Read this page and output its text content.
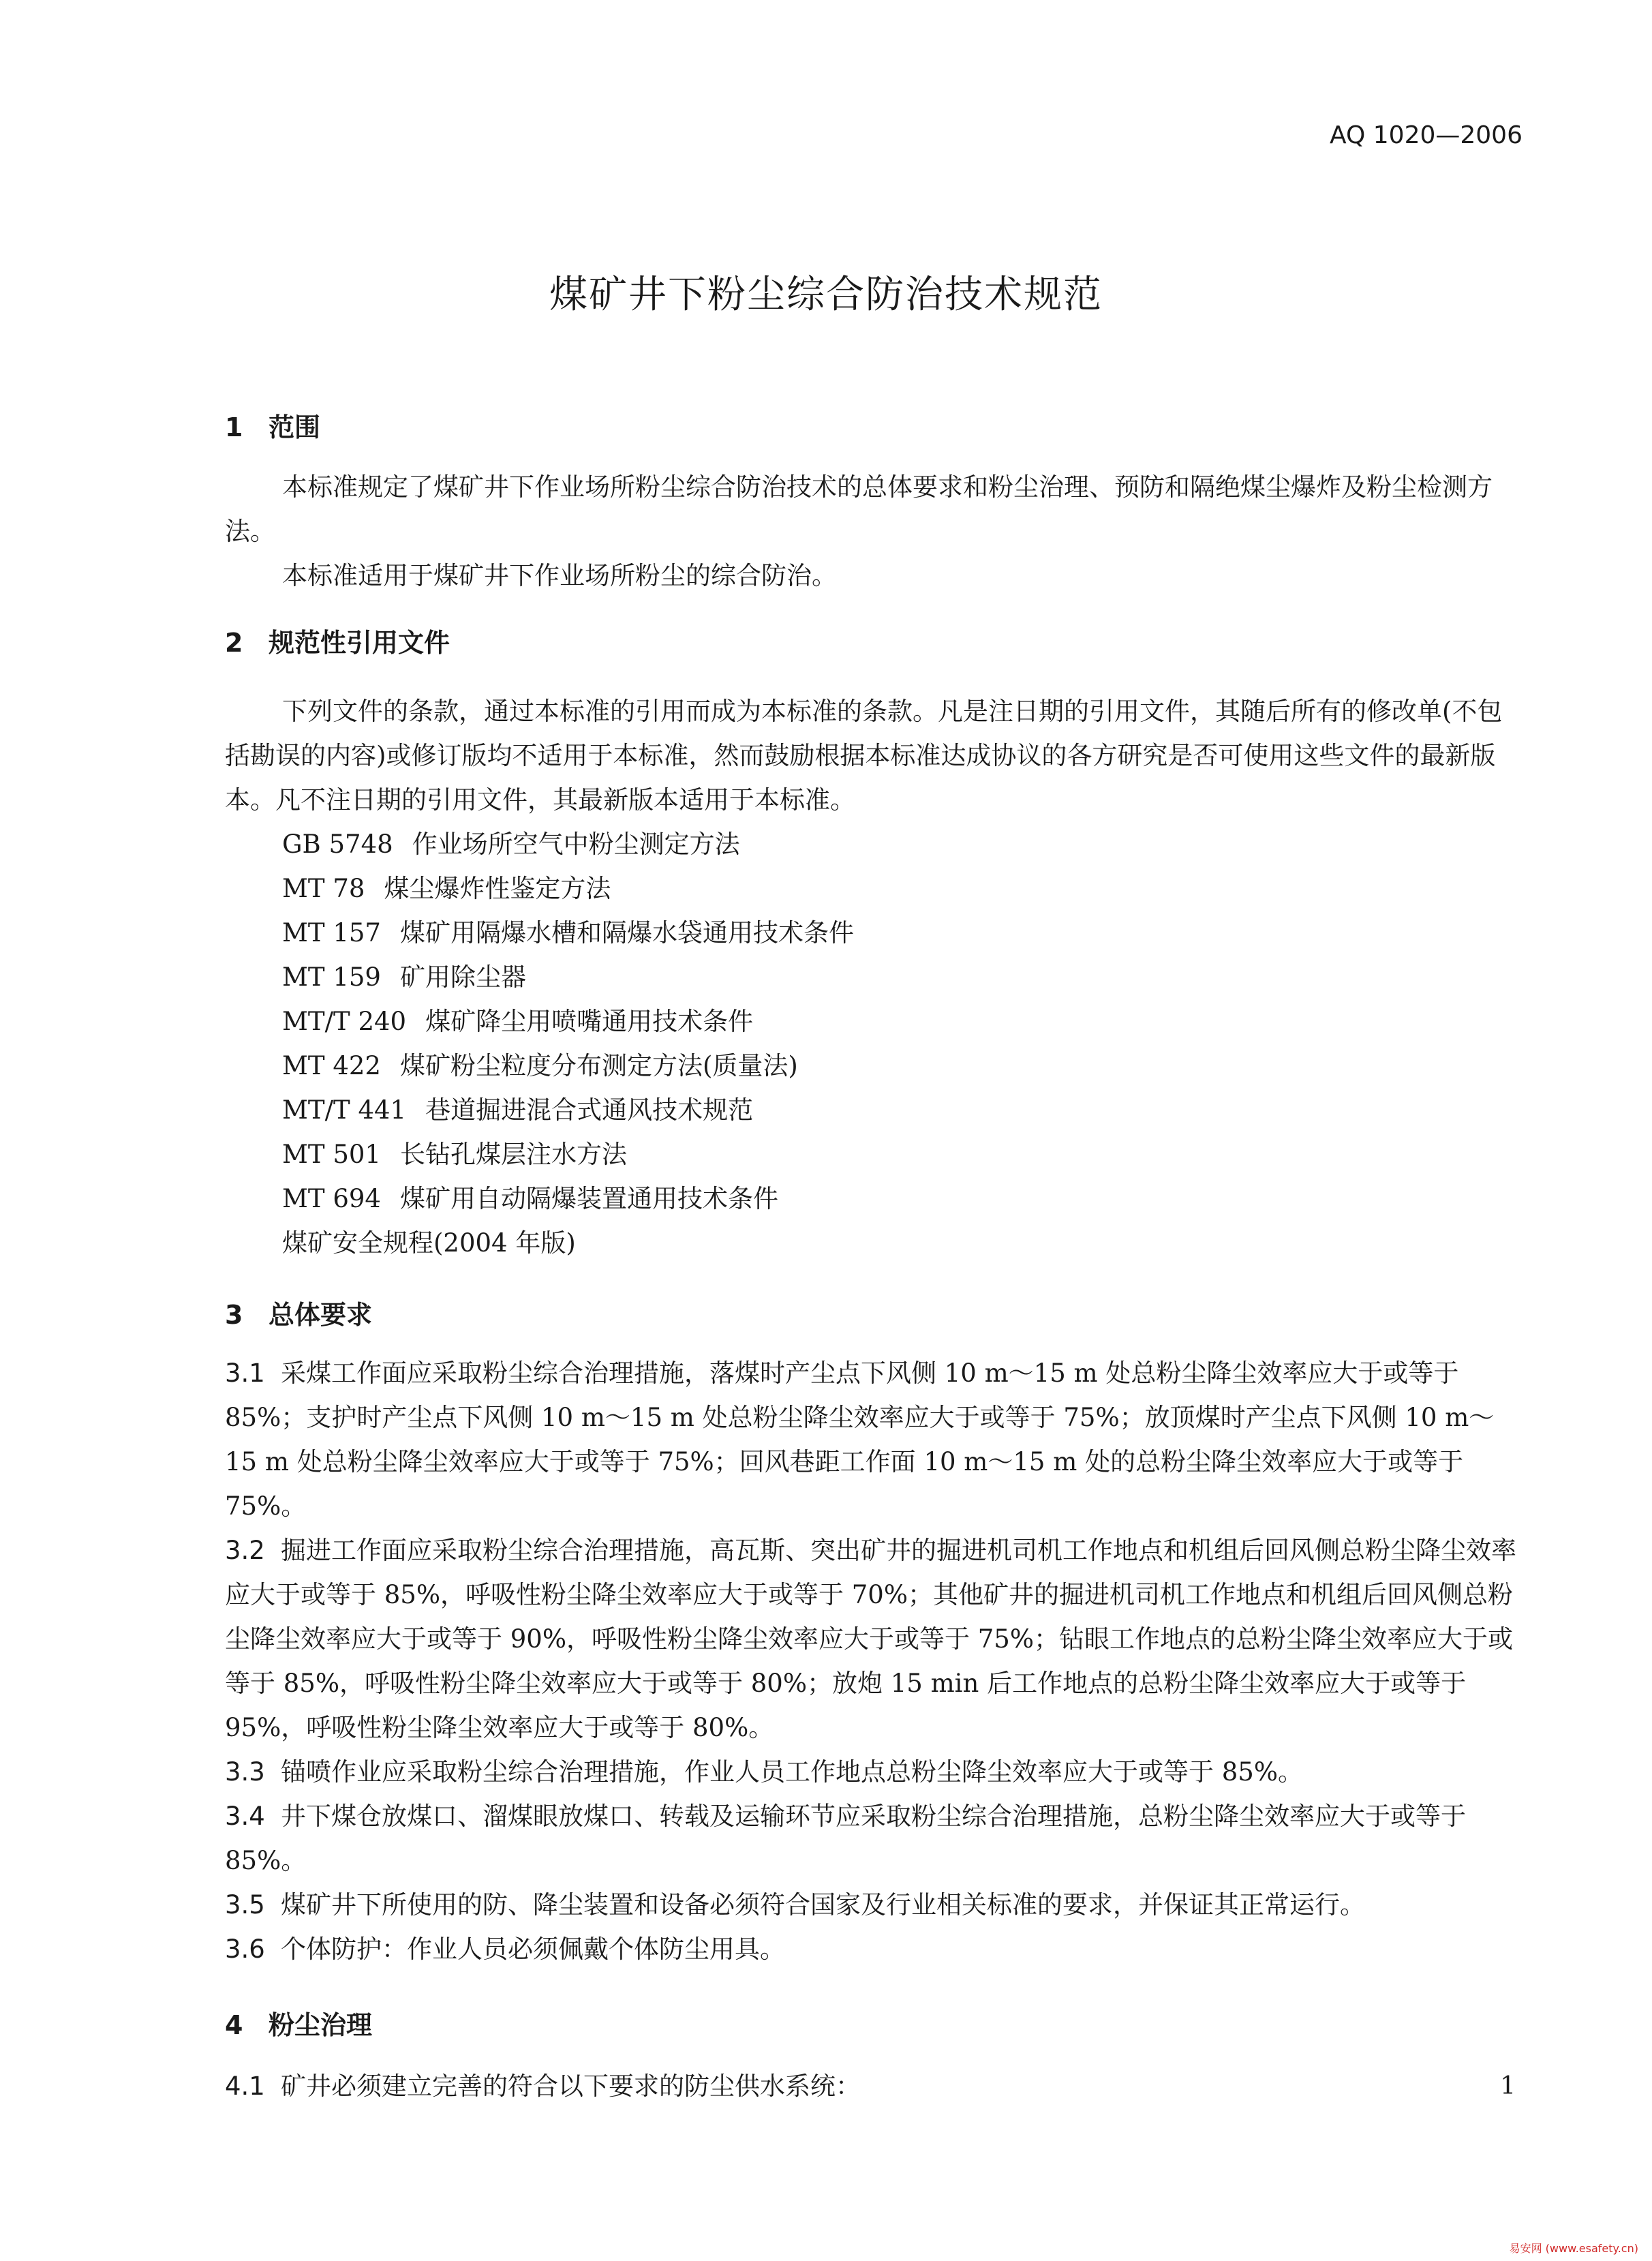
AQ 1020—2006
煤矿井下粉尘综合防治技术规范
1 范围
本标准规定了煤矿井下作业场所粉尘综合防治技术的总体要求和粉尘治理、预防和隔绝煤尘爆炸及粉尘检测方法。
本标准适用于煤矿井下作业场所粉尘的综合防治。
2 规范性引用文件
下列文件的条款，通过本标准的引用而成为本标准的条款。凡是注日期的引用文件，其随后所有的修改单(不包括勘误的内容)或修订版均不适用于本标准，然而鼓励根据本标准达成协议的各方研究是否可使用这些文件的最新版本。凡不注日期的引用文件，其最新版本适用于本标准。
GB 5748 作业场所空气中粉尘测定方法
MT 78 煤尘爆炸性鉴定方法
MT 157 煤矿用隔爆水槽和隔爆水袋通用技术条件
MT 159 矿用除尘器
MT/T 240 煤矿降尘用喷嘴通用技术条件
MT 422 煤矿粉尘粒度分布测定方法(质量法)
MT/T 441 巷道掘进混合式通风技术规范
MT 501 长钻孔煤层注水方法
MT 694 煤矿用自动隔爆装置通用技术条件
煤矿安全规程(2004 年版)
3 总体要求
3.1 采煤工作面应采取粉尘综合治理措施，落煤时产尘点下风侧 10 m～15 m 处总粉尘降尘效率应大于或等于 85%；支护时产尘点下风侧 10 m～15 m 处总粉尘降尘效率应大于或等于 75%；放顶煤时产尘点下风侧 10 m～15 m 处总粉尘降尘效率应大于或等于 75%；回风巷距工作面 10 m～15 m 处的总粉尘降尘效率应大于或等于 75%。
3.2 掘进工作面应采取粉尘综合治理措施，高瓦斯、突出矿井的掘进机司机工作地点和机组后回风侧总粉尘降尘效率应大于或等于 85%，呼吸性粉尘降尘效率应大于或等于 70%；其他矿井的掘进机司机工作地点和机组后回风侧总粉尘降尘效率应大于或等于 90%，呼吸性粉尘降尘效率应大于或等于 75%；钻眼工作地点的总粉尘降尘效率应大于或等于 85%，呼吸性粉尘降尘效率应大于或等于 80%；放炮 15 min 后工作地点的总粉尘降尘效率应大于或等于 95%，呼吸性粉尘降尘效率应大于或等于 80%。
3.3 锚喷作业应采取粉尘综合治理措施，作业人员工作地点总粉尘降尘效率应大于或等于 85%。
3.4 井下煤仓放煤口、溜煤眼放煤口、转载及运输环节应采取粉尘综合治理措施，总粉尘降尘效率应大于或等于 85%。
3.5 煤矿井下所使用的防、降尘装置和设备必须符合国家及行业相关标准的要求，并保证其正常运行。
3.6 个体防护：作业人员必须佩戴个体防尘用具。
4 粉尘治理
4.1 矿井必须建立完善的符合以下要求的防尘供水系统：	1
易安网 (www.esafety.cn)
